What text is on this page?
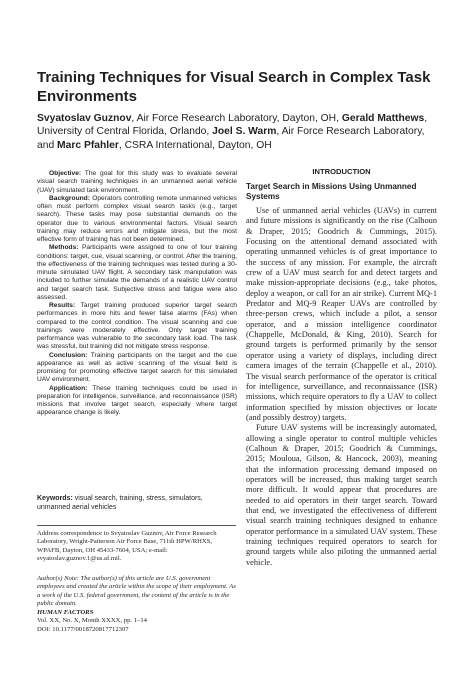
Training Techniques for Visual Search in Complex Task Environments
Svyatoslav Guznov, Air Force Research Laboratory, Dayton, OH, Gerald Matthews, University of Central Florida, Orlando, Joel S. Warm, Air Force Research Laboratory, and Marc Pfahler, CSRA International, Dayton, OH

Objective: The goal for this study was to evaluate several visual search training techniques in an unmanned aerial vehicle (UAV) simulated task environment.

Background: Operators controlling remote unmanned vehicles often must perform complex visual search tasks (e.g., target search). These tasks may pose substantial demands on the operator due to various environmental factors. Visual search training may reduce errors and mitigate stress, but the most effective form of training has not been determined.

Methods: Participants were assigned to one of four training conditions: target, cue, visual scanning, or control. After the training, the effectiveness of the training techniques was tested during a 30-minute simulated UAV flight. A secondary task manipulation was included to further simulate the demands of a realistic UAV control and target search task. Subjective stress and fatigue were also assessed.

Results: Target training produced superior target search performances in more hits and fewer false alarms (FAs) when compared to the control condition. The visual scanning and cue trainings were moderately effective. Only target training performance was vulnerable to the secondary task load. The task was stressful, but training did not mitigate stress response.

Conclusion: Training participants on the target and the cue appearance as well as active scanning of the visual field is promising for promoting effective target search for this simulated UAV environment.

Application: These training techniques could be used in preparation for intelligence, surveillance, and reconnaissance (ISR) missions that involve target search, especially where target appearance change is likely.

Keywords: visual search, training, stress, simulators, unmanned aerial vehicles
Address correspondence to Svyatoslav Guznov, Air Force Research Laboratory, Wright-Patterson Air Force Base, 711th HPW/RHXS, WPAFB, Dayton, OH 45433-7604, USA; e-mail: svyatoslav.guznov.1@us.af.mil.
Author(s) Note: The author(s) of this article are U.S. government employees and created the article within the scope of their employment. As a work of the U.S. federal government, the content of the article is in the public domain.
HUMAN FACTORS
Vol. XX, No. X, Month XXXX, pp. 1–14
DOI: 10.1177/0018720817712307
INTRODUCTION
Target Search in Missions Using Unmanned Systems

Use of unmanned aerial vehicles (UAVs) in current and future missions is significantly on the rise (Calhoun & Draper, 2015; Goodrich & Cummings, 2015). Focusing on the attentional demand associated with operating unmanned vehicles is of great importance to the success of any mission. For example, the aircraft crew of a UAV must search for and detect targets and make mission-appropriate decisions (e.g., take photos, deploy a weapon, or call for an air strike). Current MQ-1 Predator and MQ-9 Reaper UAVs are controlled by three-person crews, which include a pilot, a sensor operator, and a mission intelligence coordinator (Chappelle, McDonald, & King, 2010). Search for ground targets is performed primarily by the sensor operator using a variety of displays, including direct camera images of the terrain (Chappelle et al., 2010). The visual search performance of the operator is critical for intelligence, surveillance, and reconnaissance (ISR) missions, which require operators to fly a UAV to collect information specified by mission objectives or locate (and possibly destroy) targets.

Future UAV systems will be increasingly automated, allowing a single operator to control multiple vehicles (Calhoun & Draper, 2015; Goodrich & Cummings, 2015; Mouloua, Gilson, & Hancock, 2003), meaning that the information processing demand imposed on operators will be increased, thus making target search more difficult. It would appear that procedures are needed to aid operators in their target search. Toward that end, we investigated the effectiveness of different visual search training techniques designed to enhance operator performance in a simulated UAV system. These training techniques required operators to search for ground targets while also piloting the unmanned aerial vehicle.
